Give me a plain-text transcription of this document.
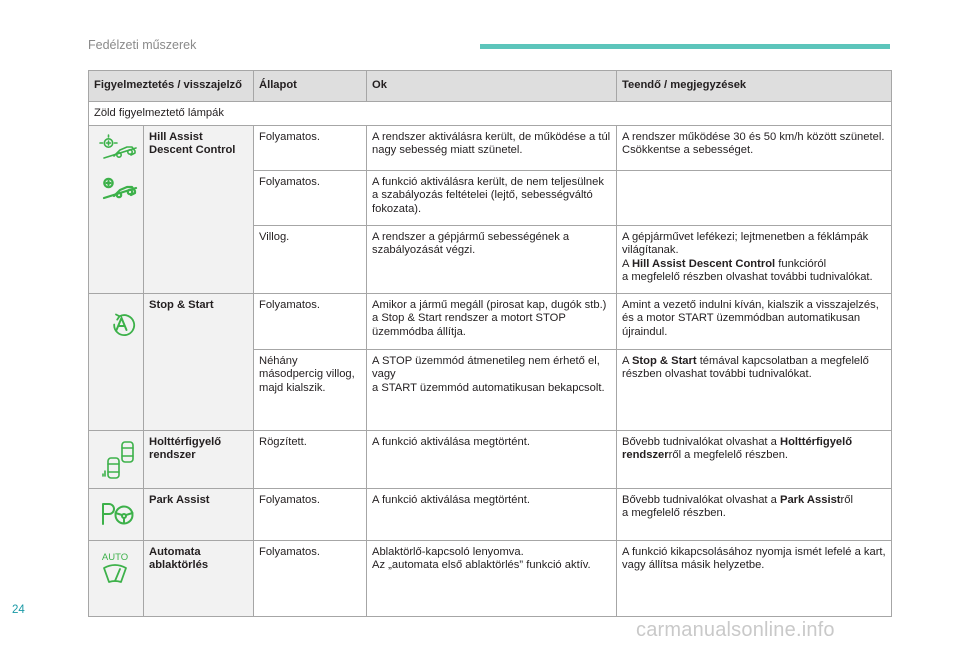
Fedélzeti műszerek
Figyelmeztetés / visszajelző		Állapot	Ok	Teendő / megjegyzések
Zöld figyelmeztető lámpák				

	Hill Assist Descent Control	Folyamatos.	A rendszer aktiválásra került, de működése a túl nagy sebesség miatt szünetel.	A rendszer működése 30 és 50 km/h között szünetel. Csökkentse a sebességet.
		Folyamatos.	A funkció aktiválásra került, de nem teljesülnek a szabályozás feltételei (lejtő, sebességváltó fokozata).	
		Villog.	A rendszer a gépjármű sebességének a szabályozását végzi.	A gépjárművet lefékezi; lejtmenetben a féklámpák világítanak.
A Hill Assist Descent Control funkcióról
a megfelelő részben olvashat további tudnivalókat.

	Stop & Start	Folyamatos.	Amikor a jármű megáll (pirosat kap, dugók stb.) a Stop & Start rendszer a motort STOP üzemmódba állítja.	Amint a vezető indulni kíván, kialszik a visszajelzés, és a motor START üzemmódban automatikusan újraindul.
		Néhány másodpercig villog, majd kialszik.	A STOP üzemmód átmenetileg nem érhető el, vagy
a START üzemmód automatikusan bekapcsolt.	A Stop & Start témával kapcsolatban a megfelelő részben olvashat további tudnivalókat.

	Holttérfigyelő rendszer	Rögzített.	A funkció aktiválása megtörtént.	Bővebb tudnivalókat olvashat a Holttérfigyelő rendszerről a megfelelő részben.

	Park Assist	Folyamatos.	A funkció aktiválása megtörtént.	Bővebb tudnivalókat olvashat a Park Assistről
a megfelelő részben.

AUTO	Automata ablaktörlés	Folyamatos.	Ablaktörlő-kapcsoló lenyomva.
Az „automata első ablaktörlés” funkció aktív.	A funkció kikapcsolásához nyomja ismét lefelé a kart, vagy állítsa másik helyzetbe.
24
carmanualsonline.info
